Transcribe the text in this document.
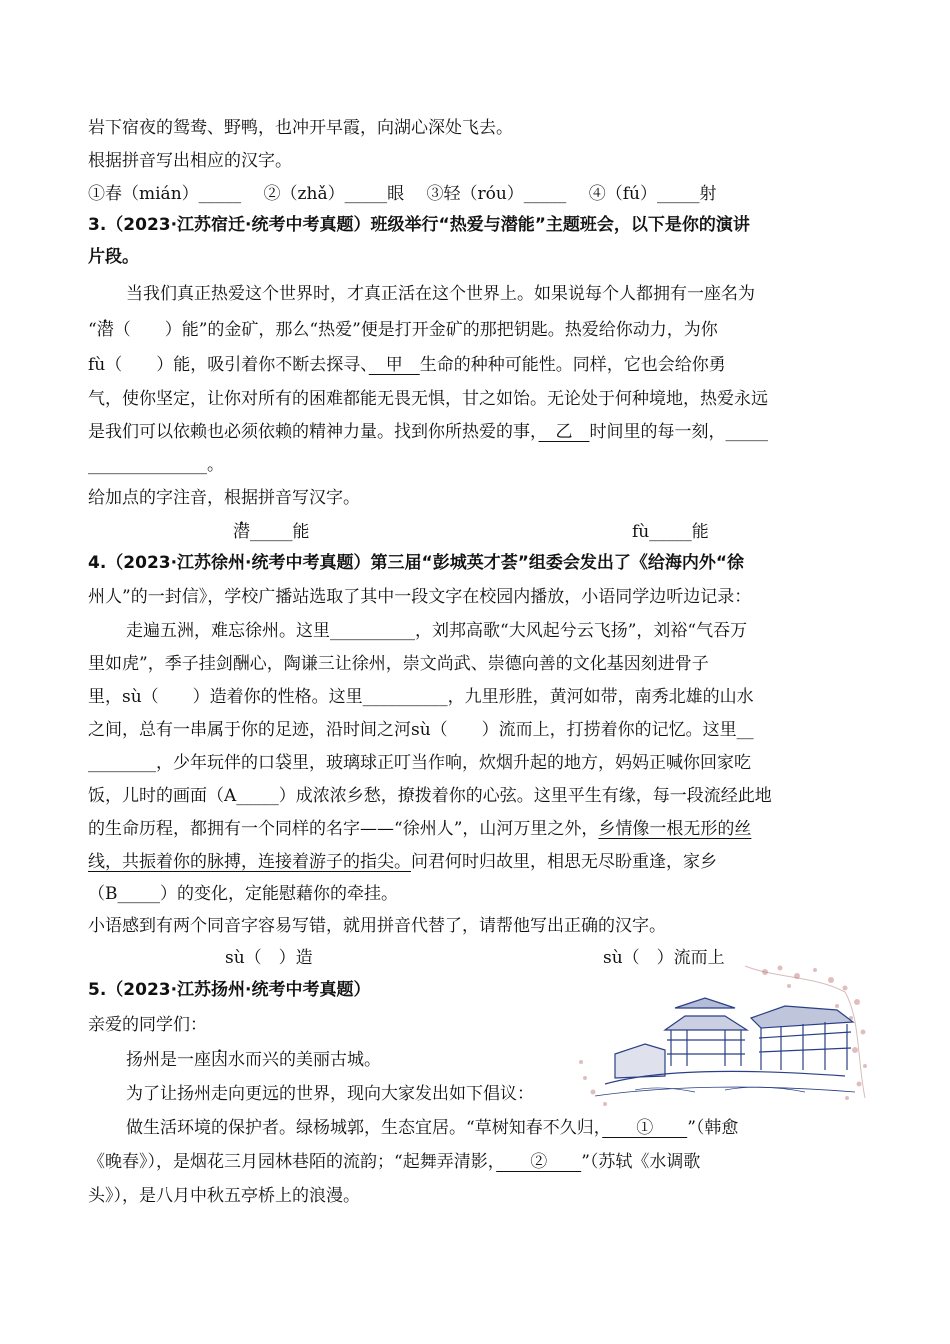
岩下宿夜的鸳鸯、野鸭，也冲开早霞，向湖心深处飞去。
根据拼音写出相应的汉字。
①春（mián）_____　 ②（zhǎ）_____眼　 ③轻（róu）_____　 ④（fú）_____射
3.（2023·江苏宿迁·统考中考真题）班级举行“热爱与潜能”主题班会，以下是你的演讲
片段。
当我们真正热爱这个世界时，才真正活在这个世界上。如果说每个人都拥有一座名为
“潜（　　）能”的金矿，那么“热爱”便是打开金矿的那把钥匙。热爱给你动力，为你
fù（　　）能，吸引着你不断去探寻、　甲　生命的种种可能性。同样，它也会给你勇
气，使你坚定，让你对所有的困难都能无畏无惧，甘之如饴。无论处于何种境地，热爱永远
是我们可以依赖也必须依赖的精神力量。找到你所热爱的事，　乙　时间里的每一刻，_____
______________。
给加点的字注音，根据拼音写汉字。
潜_____能	fù_____能
4.（2023·江苏徐州·统考中考真题）第三届“彭城英才荟”组委会发出了《给海内外“徐
州人”的一封信》，学校广播站选取了其中一段文字在校园内播放，小语同学边听边记录：
走遍五洲，难忘徐州。这里__________，刘邦高歌“大风起兮云飞扬”，刘裕“气吞万
里如虎”，季子挂剑酬心，陶谦三让徐州，崇文尚武、崇德向善的文化基因刻进骨子
里，sù（　　）造着你的性格。这里__________，九里形胜，黄河如带，南秀北雄的山水
之间，总有一串属于你的足迹，沿时间之河sù（　　）流而上，打捞着你的记忆。这里__
________，少年玩伴的口袋里，玻璃球正叮当作响，炊烟升起的地方，妈妈正喊你回家吃
饭，儿时的画面（A_____）成浓浓乡愁，撩拨着你的心弦。这里平生有缘，每一段流经此地
的生命历程，都拥有一个同样的名字——“徐州人”，山河万里之外，乡情像一根无形的丝
线，共振着你的脉搏，连接着游子的指尖。问君何时归故里，相思无尽盼重逢，家乡
（B_____）的变化，定能慰藉你的牵挂。
小语感到有两个同音字容易写错，就用拼音代替了，请帮他写出正确的汉字。
sù（　）造	sù（　）流而上
5.（2023·江苏扬州·统考中考真题）
亲爱的同学们：
扬州是一座因水而兴的美丽古城。
为了让扬州走向更远的世界，现向大家发出如下倡议：
做生活环境的保护者。绿杨城郭，生态宜居。“草树知春不久归，　　①　　”（韩愈
《晚春》），是烟花三月园林巷陌的流韵；“起舞弄清影，　　②　　”（苏轼《水调歌
头》），是八月中秋五亭桥上的浪漫。
